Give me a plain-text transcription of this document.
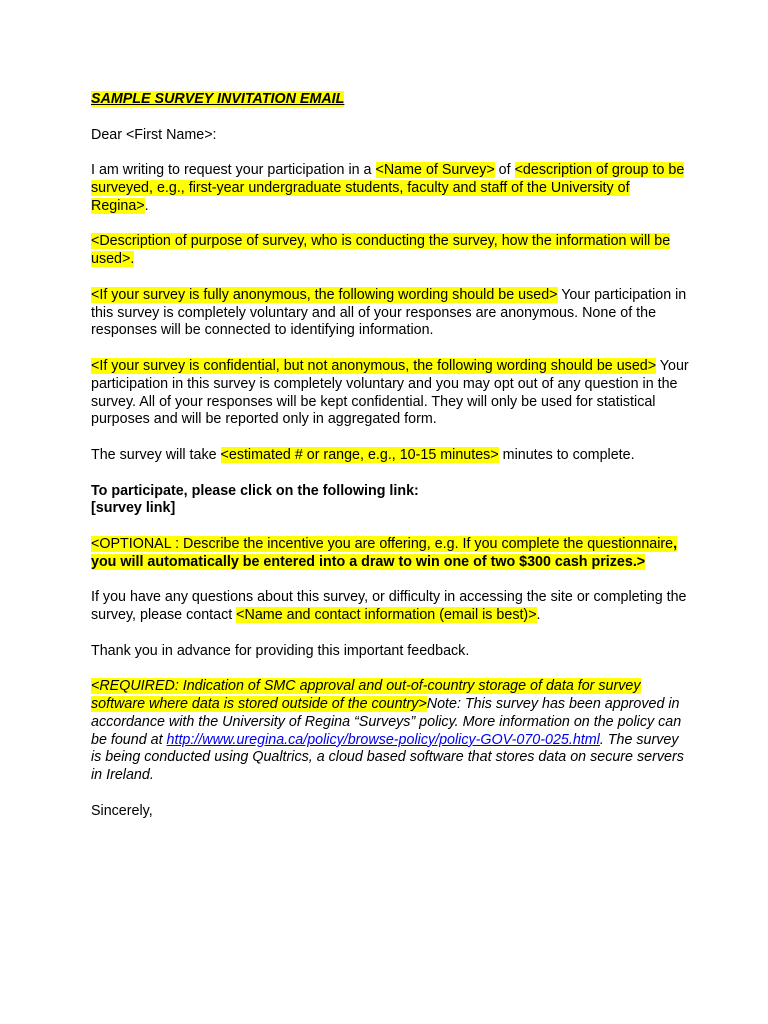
SAMPLE SURVEY INVITATION EMAIL

Dear <First Name>:

I am writing to request your participation in a <Name of Survey> of <description of group to be surveyed, e.g., first-year undergraduate students, faculty and staff of the University of Regina>.

<Description of purpose of survey, who is conducting the survey, how the information will be used>.

<If your survey is fully anonymous, the following wording should be used> Your participation in this survey is completely voluntary and all of your responses are anonymous. None of the responses will be connected to identifying information.

<If your survey is confidential, but not anonymous, the following wording should be used> Your participation in this survey is completely voluntary and you may opt out of any question in the survey. All of your responses will be kept confidential. They will only be used for statistical purposes and will be reported only in aggregated form.

The survey will take <estimated # or range, e.g., 10-15 minutes> minutes to complete.

To participate, please click on the following link:
[survey link]

<OPTIONAL : Describe the incentive you are offering, e.g. If you complete the questionnaire, you will automatically be entered into a draw to win one of two $300 cash prizes.>

If you have any questions about this survey, or difficulty in accessing the site or completing the survey, please contact <Name and contact information (email is best)>.

Thank you in advance for providing this important feedback.

<REQUIRED: Indication of SMC approval and out-of-country storage of data for survey software where data is stored outside of the country>Note: This survey has been approved in accordance with the University of Regina “Surveys” policy. More information on the policy can be found at http://www.uregina.ca/policy/browse-policy/policy-GOV-070-025.html. The survey is being conducted using Qualtrics, a cloud based software that stores data on secure servers in Ireland.

Sincerely,
